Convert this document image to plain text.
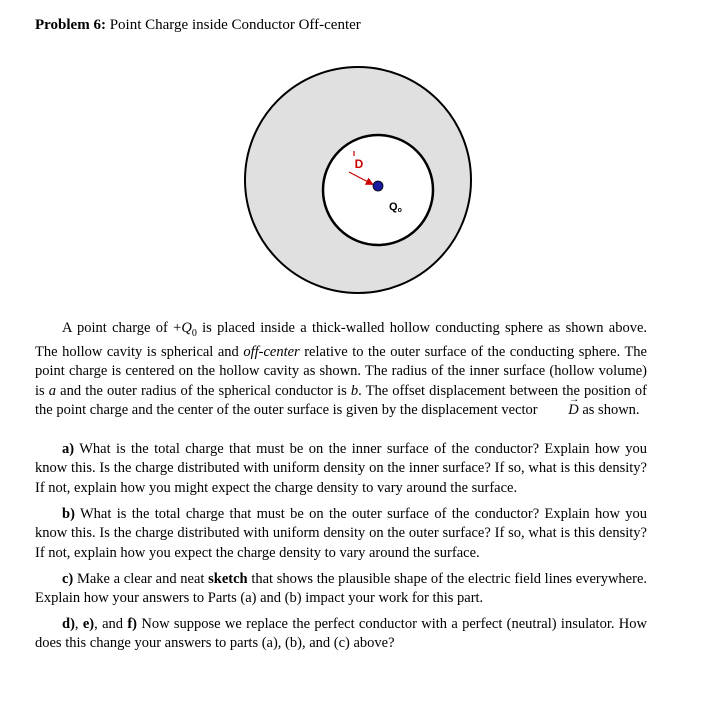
Problem 6: Point Charge inside Conductor Off-center
D
Qo
A point charge of $+Q_0$ is placed inside a thick-walled hollow conducting sphere as shown above. The hollow cavity is spherical and off-center relative to the outer surface of the conducting sphere. The point charge is centered on the hollow cavity as shown. The radius of the inner surface (hollow volume) is a and the outer radius of the spherical conductor is b. The offset displacement between the position of the point charge and the center of the outer surface is given by the displacement vector → D as shown.
a) What is the total charge that must be on the inner surface of the conductor? Explain how you know this. Is the charge distributed with uniform density on the inner surface? If so, what is this density? If not, explain how you might expect the charge density to vary around the surface.
b) What is the total charge that must be on the outer surface of the conductor? Explain how you know this. Is the charge distributed with uniform density on the outer surface? If so, what is this density? If not, explain how you expect the charge density to vary around the surface.
c) Make a clear and neat sketch that shows the plausible shape of the electric field lines everywhere. Explain how your answers to Parts (a) and (b) impact your work for this part.
d), e), and f) Now suppose we replace the perfect conductor with a perfect (neutral) insulator. How does this change your answers to parts (a), (b), and (c) above?
